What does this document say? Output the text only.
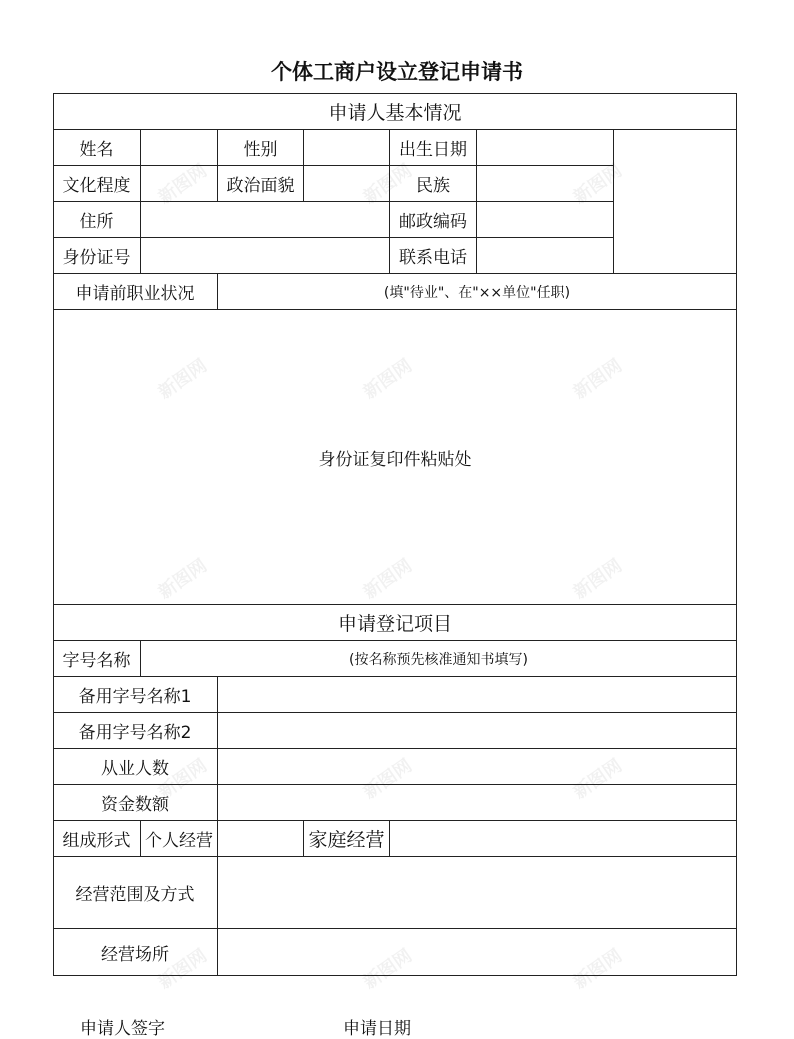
个体工商户设立登记申请书
申请人基本情况
姓名	性别	出生日期
文化程度	政治面貌	民族
住所	邮政编码
身份证号	联系电话
申请前职业状况	(填"待业"、在"××单位"任职)
身份证复印件粘贴处
申请登记项目
字号名称	(按名称预先核准通知书填写)
备用字号名称1
备用字号名称2
从业人数
资金数额
组成形式 个人经营	家庭经营
经营范围及方式
经营场所
申请人签字	申请日期
新图网	新图网	新图网
新图网	新图网	新图网
新图网	新图网	新图网
新图网	新图网	新图网
新图网	新图网	新图网
